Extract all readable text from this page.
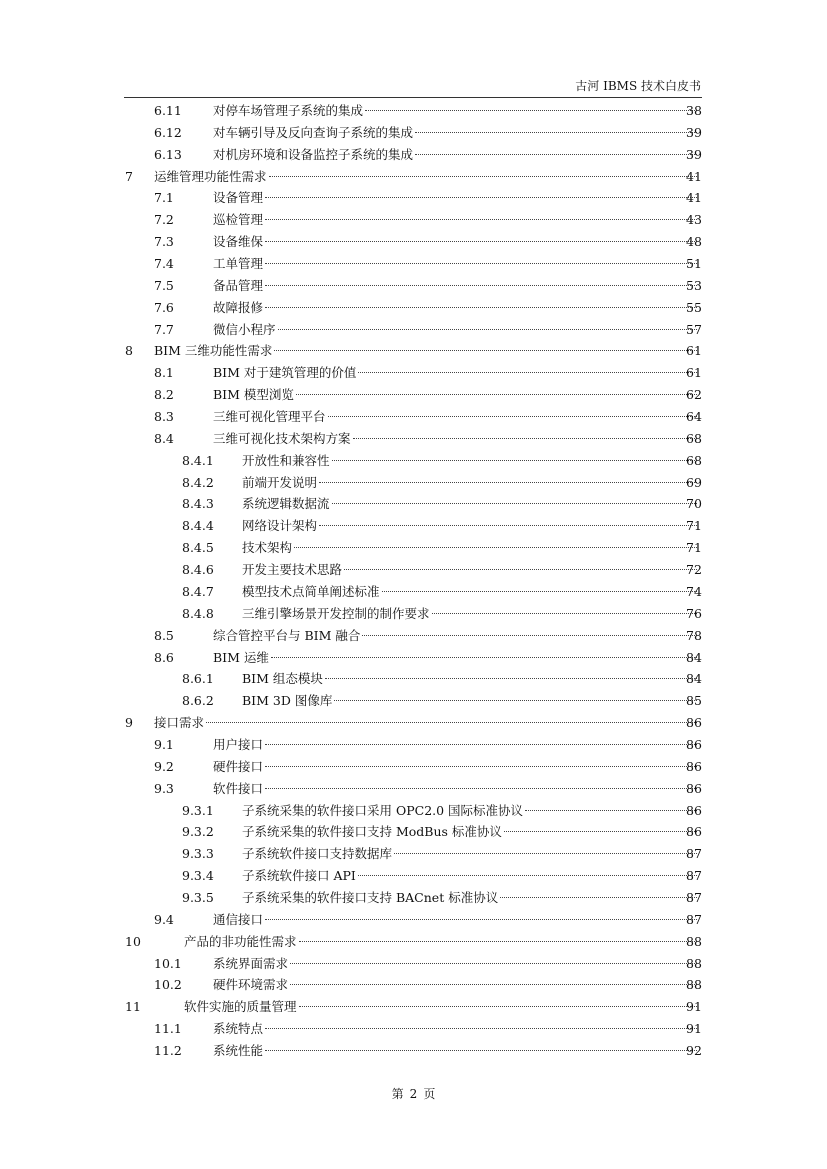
古河 IBMS 技术白皮书
6.11 对停车场管理子系统的集成	38
6.12 对车辆引导及反向查询子系统的集成	39
6.13 对机房环境和设备监控子系统的集成	39
7 运维管理功能性需求	41
7.1	设备管理	41
7.2	巡检管理	43
7.3	设备维保	48
7.4	工单管理	51
7.5	备品管理	53
7.6	故障报修	55
7.7	微信小程序	57
8 BIM 三维功能性需求	61
8.1	BIM 对于建筑管理的价值	61
8.2	BIM 模型浏览	62
8.3	三维可视化管理平台	64
8.4	三维可视化技术架构方案	68
8.4.1 开放性和兼容性	68
8.4.2 前端开发说明	69
8.4.3 系统逻辑数据流	70
8.4.4 网络设计架构	71
8.4.5 技术架构	71
8.4.6 开发主要技术思路	72
8.4.7 模型技术点简单阐述标准	74
8.4.8 三维引擎场景开发控制的制作要求	76
8.5	综合管控平台与 BIM 融合	78
8.6	BIM 运维	84
8.6.1 BIM 组态模块	84
8.6.2 BIM 3D 图像库	85
9 接口需求	86
9.1	用户接口	86
9.2	硬件接口	86
9.3	软件接口	86
9.3.1 子系统采集的软件接口采用 OPC2.0 国际标准协议	86
9.3.2 子系统采集的软件接口支持 ModBus 标准协议	86
9.3.3 子系统软件接口支持数据库	87
9.3.4 子系统软件接口 API	87
9.3.5 子系统采集的软件接口支持 BACnet 标准协议	87
9.4	通信接口	87
10	产品的非功能性需求	88
10.1 系统界面需求	88
10.2 硬件环境需求	88
11	软件实施的质量管理	91
11.1 系统特点	91
11.2 系统性能	92
第 2 页
